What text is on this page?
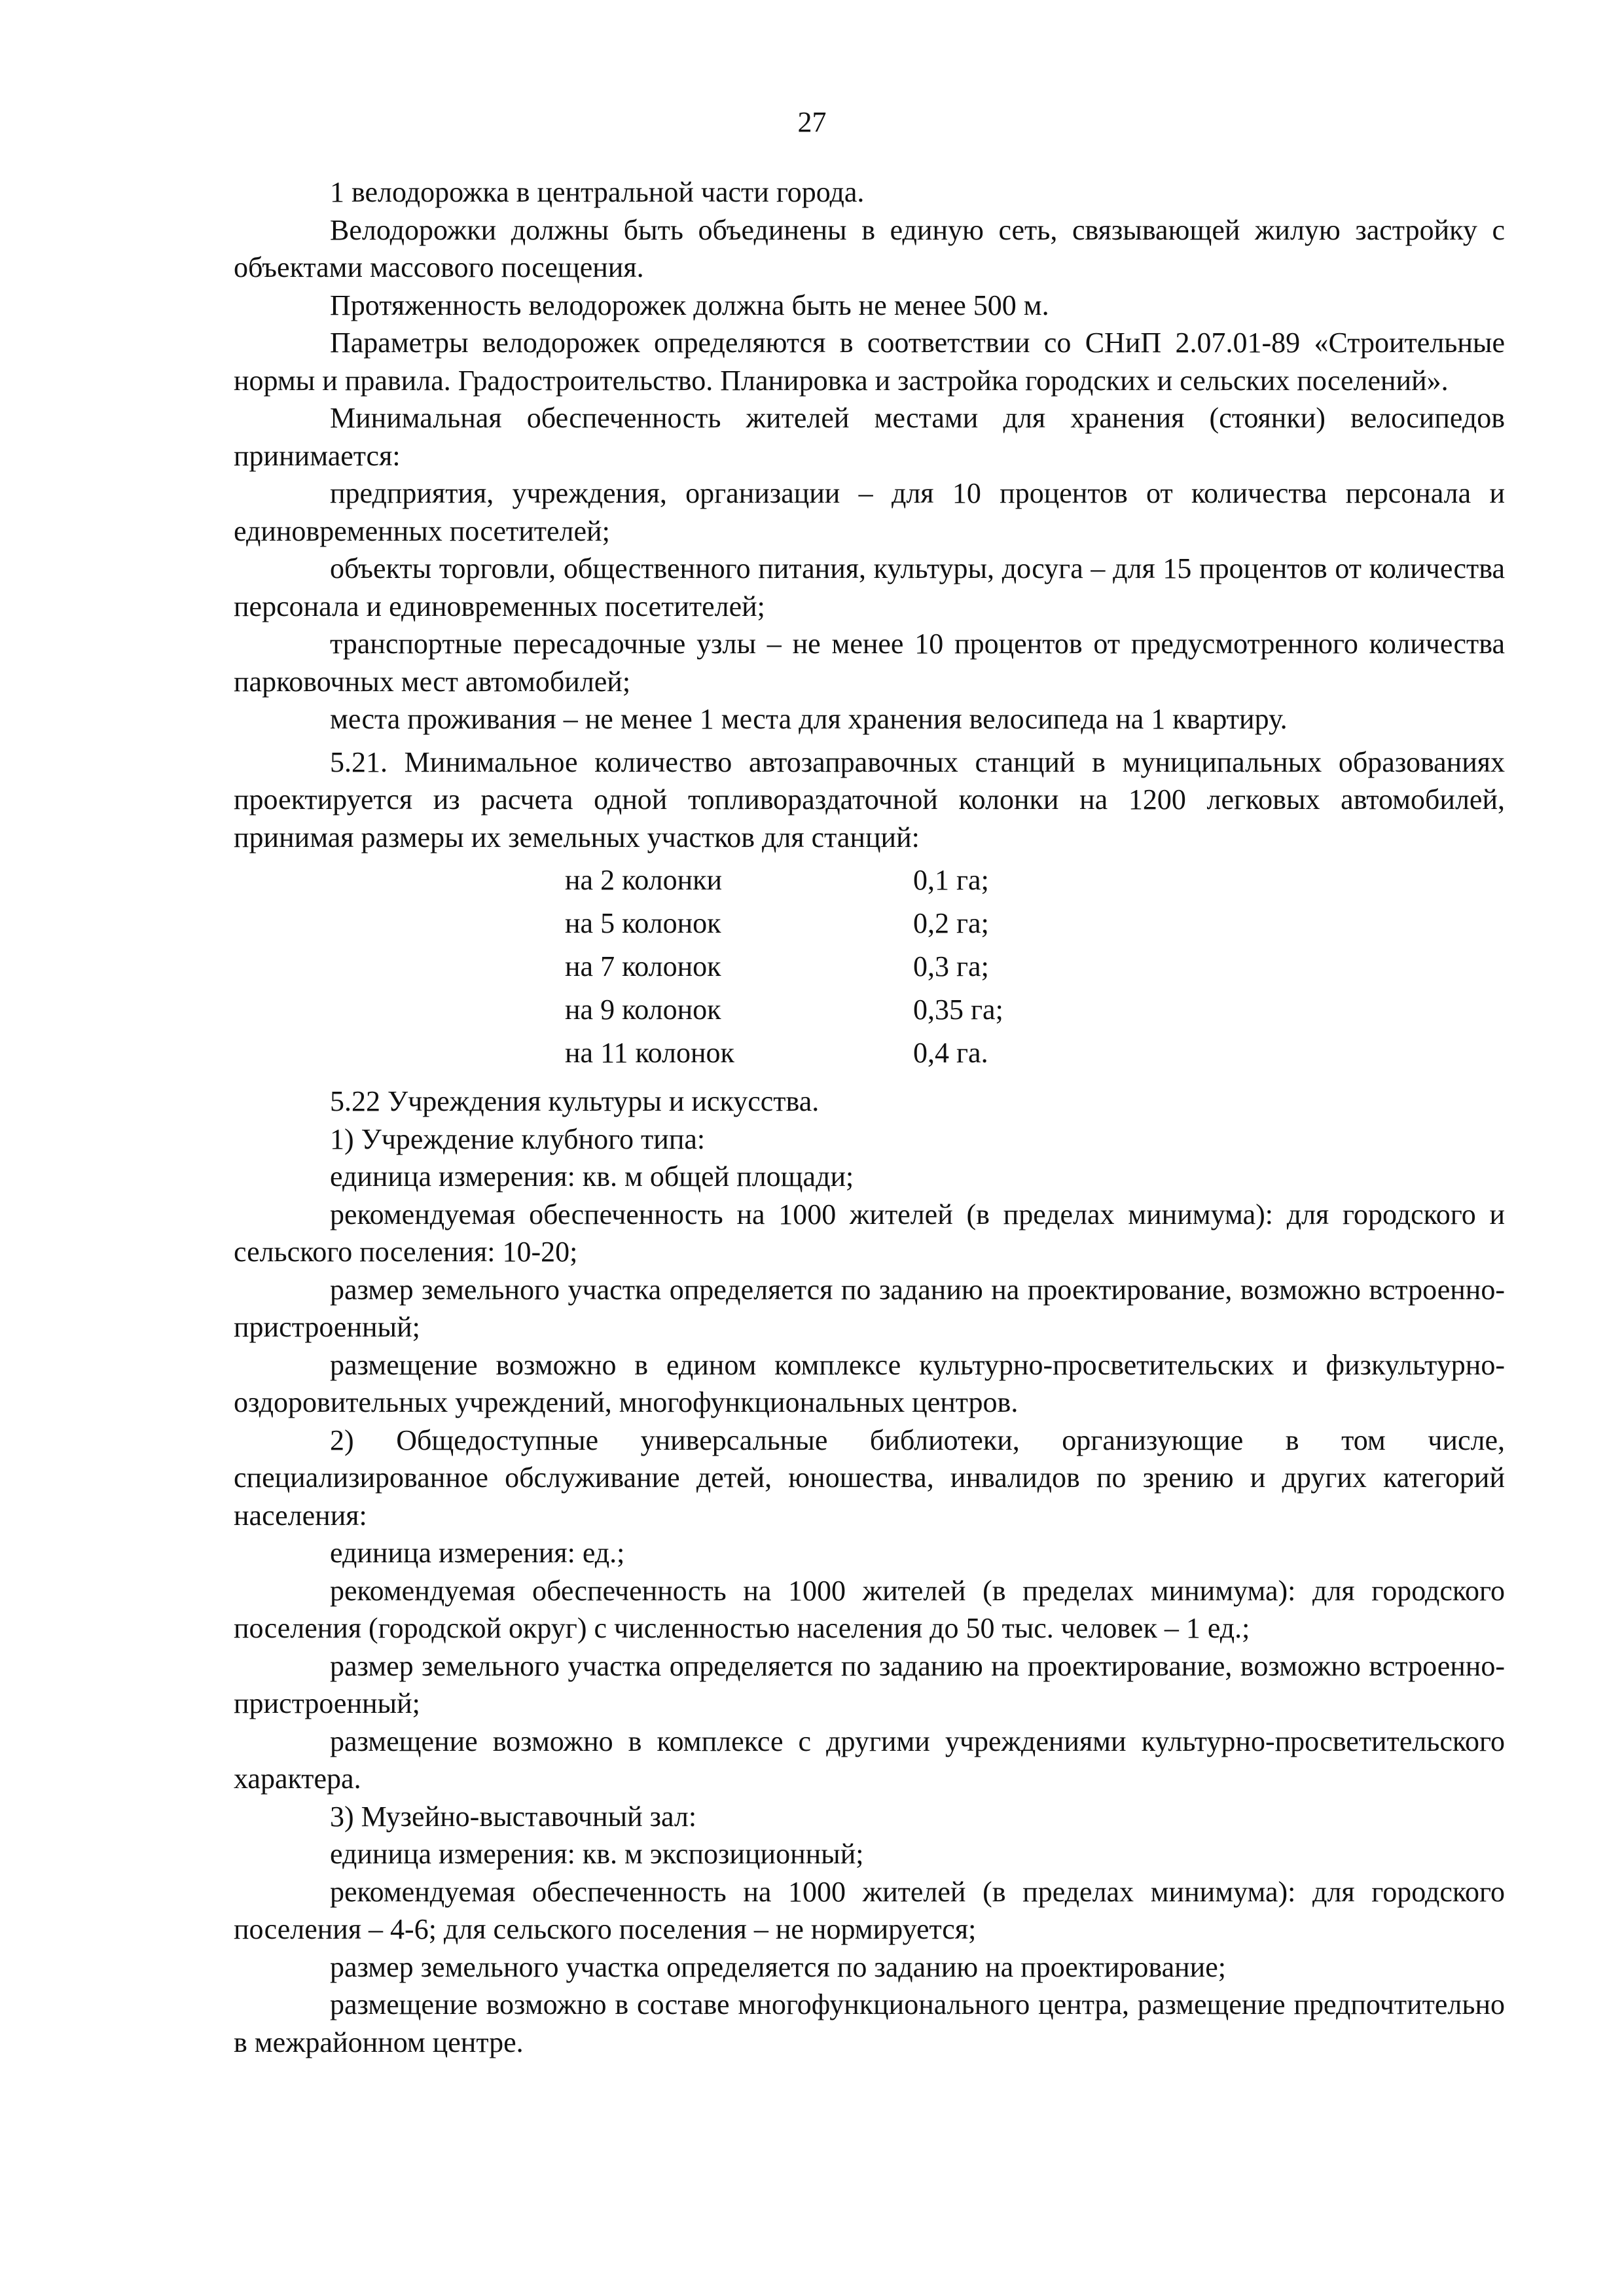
27

1 велодорожка в центральной части города.

Велодорожки должны быть объединены в единую сеть, связывающей жилую застройку с объектами массового посещения.

Протяженность велодорожек должна быть не менее 500 м.

Параметры велодорожек определяются в соответствии со СНиП 2.07.01-89 «Строительные нормы и правила. Градостроительство. Планировка и застройка городских и сельских поселений».

Минимальная обеспеченность жителей местами для хранения (стоянки) велосипедов принимается:

предприятия, учреждения, организации – для 10 процентов от количества персонала и единовременных посетителей;

объекты торговли, общественного питания, культуры, досуга – для 15 процентов от количества персонала и единовременных посетителей;

транспортные пересадочные узлы – не менее 10 процентов от предусмотренного количества парковочных мест автомобилей;

места проживания – не менее 1 места для хранения велосипеда на 1 квартиру.

5.21. Минимальное количество автозаправочных станций в муниципальных образованиях проектируется из расчета одной топливораздаточной колонки на 1200 легковых автомобилей, принимая размеры их земельных участков для станций:

на 2 колонки	0,1 га;
на 5 колонок	0,2 га;
на 7 колонок	0,3 га;
на 9 колонок	0,35 га;
на 11 колонок	0,4 га.

5.22 Учреждения культуры и искусства.

1) Учреждение клубного типа:

единица измерения: кв. м общей площади;

рекомендуемая обеспеченность на 1000 жителей (в пределах минимума): для городского и сельского поселения: 10-20;

размер земельного участка определяется по заданию на проектирование, возможно встроенно-пристроенный;

размещение возможно в едином комплексе культурно-просветительских и физкультурно-оздоровительных учреждений, многофункциональных центров.

2) Общедоступные универсальные библиотеки, организующие в том числе, специализированное обслуживание детей, юношества, инвалидов по зрению и других категорий населения:

единица измерения: ед.;

рекомендуемая обеспеченность на 1000 жителей (в пределах минимума): для городского поселения (городской округ) с численностью населения до 50 тыс. человек – 1 ед.;

размер земельного участка определяется по заданию на проектирование, возможно встроенно-пристроенный;

размещение возможно в комплексе с другими учреждениями культурно-просветительского характера.

3) Музейно-выставочный зал:

единица измерения: кв. м экспозиционный;

рекомендуемая обеспеченность на 1000 жителей (в пределах минимума): для городского поселения – 4-6; для сельского поселения – не нормируется;

размер земельного участка определяется по заданию на проектирование;

размещение возможно в составе многофункционального центра, размещение предпочтительно в межрайонном центре.
